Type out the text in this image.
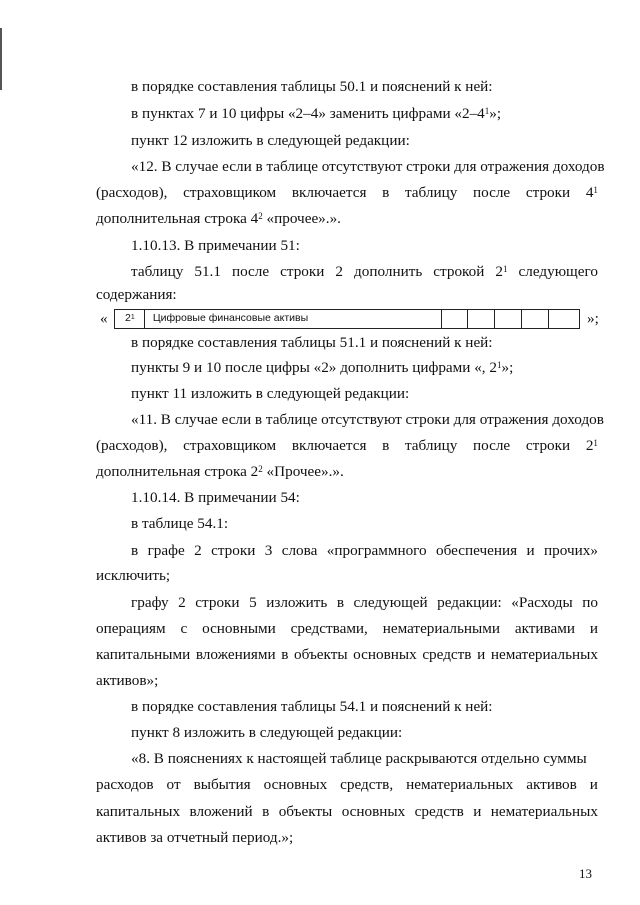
в порядке составления таблицы 50.1 и пояснений к ней:
в пунктах 7 и 10 цифры «2–4» заменить цифрами «$2-4^1$»;
пункт 12 изложить в следующей редакции:
«12. В случае если в таблице отсутствуют строки для отражения доходов
(расходов), страховщиком включается в таблицу после строки $4^1$
дополнительная строка $4^2$ «прочее».».
1.10.13. В примечании 51:
таблицу 51.1 после строки 2 дополнить строкой $2^1$ следующего
содержания:
«	$2^1$	Цифровые финансовые активы	»;
в порядке составления таблицы 51.1 и пояснений к ней:
пункты 9 и 10 после цифры «2» дополнить цифрами «, $2^1$»;
пункт 11 изложить в следующей редакции:
«11. В случае если в таблице отсутствуют строки для отражения доходов
(расходов), страховщиком включается в таблицу после строки $2^1$
дополнительная строка $2^2$ «Прочее».».
1.10.14. В примечании 54:
в таблице 54.1:
в графе 2 строки 3 слова «программного обеспечения и прочих»
исключить;
графу 2 строки 5 изложить в следующей редакции: «Расходы по
операциям с основными средствами, нематериальными активами и
капитальными вложениями в объекты основных средств и нематериальных
активов»;
в порядке составления таблицы 54.1 и пояснений к ней:
пункт 8 изложить в следующей редакции:
«8. В пояснениях к настоящей таблице раскрываются отдельно суммы
расходов от выбытия основных средств, нематериальных активов и
капитальных вложений в объекты основных средств и нематериальных
активов за отчетный период.»;
13
